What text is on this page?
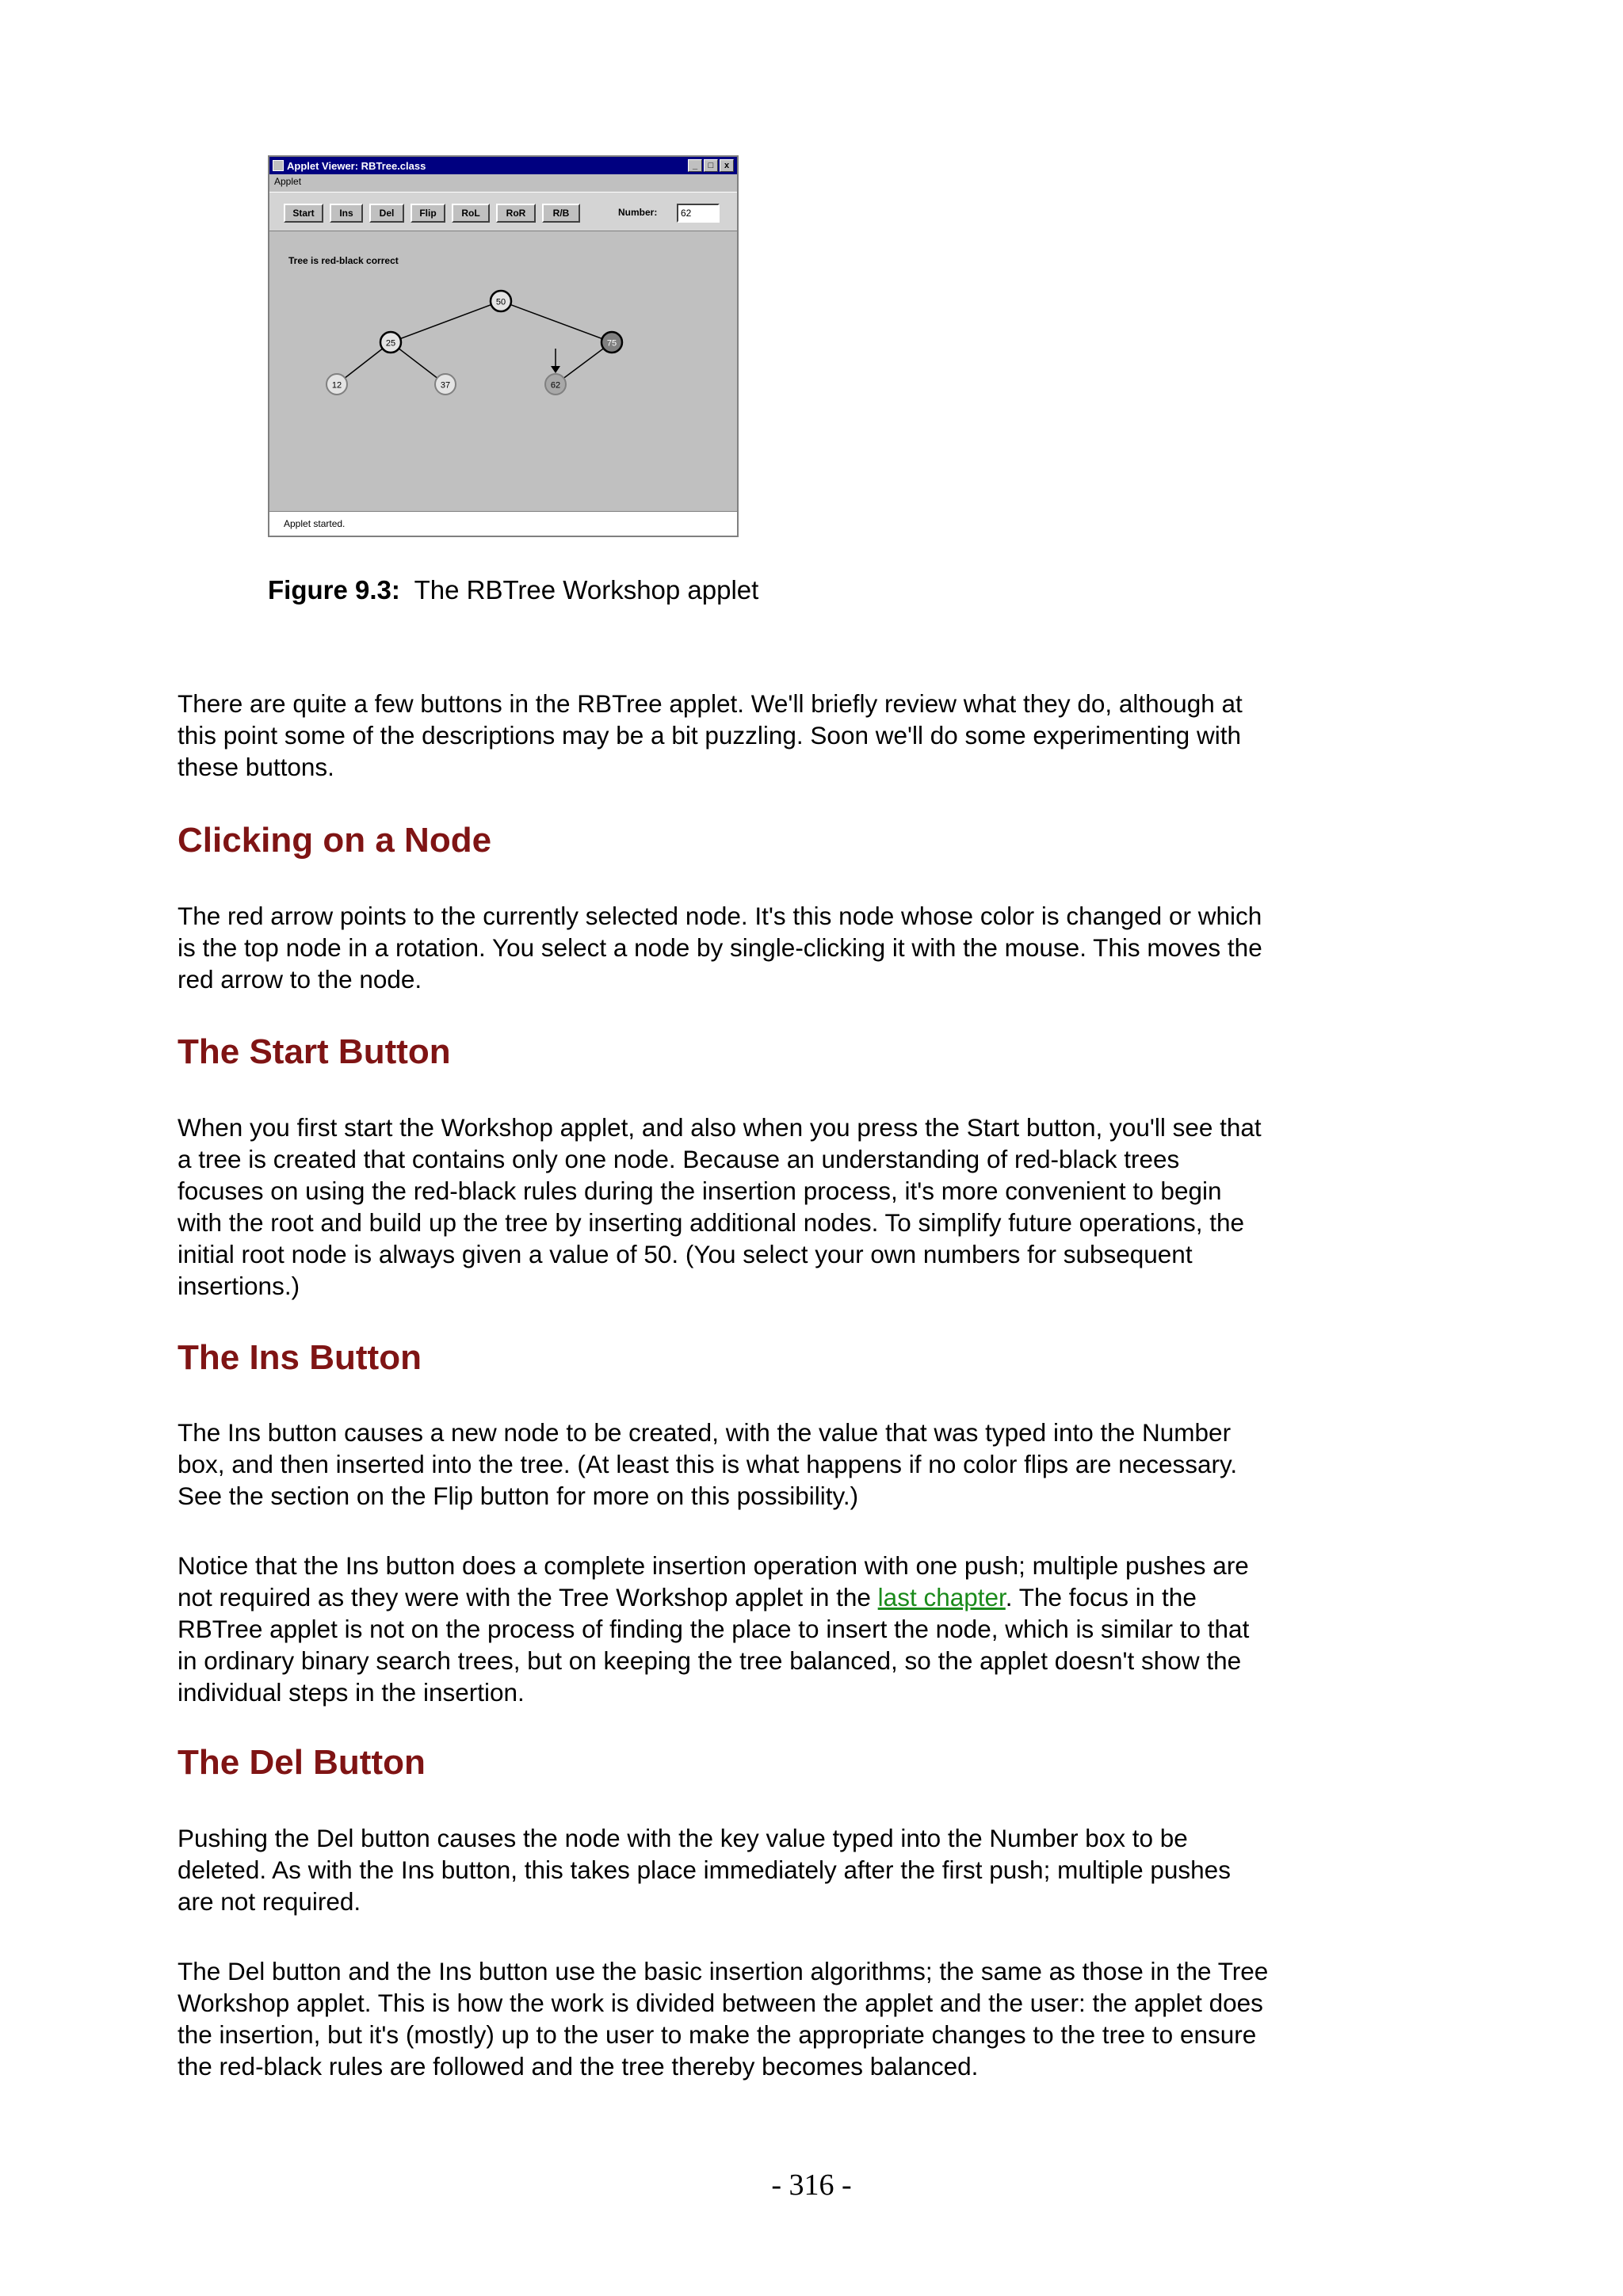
Applet Viewer: RBTree.class	_	□	x
Applet
Start	Ins	Del	Flip	RoL	RoR	R/B	Number:
62
Tree is red-black correct
50
25	75
12	37	62
Applet started.
Figure 9.3: The RBTree Workshop applet

There are quite a few buttons in the RBTree applet. We'll briefly review what they do, although at this point some of the descriptions may be a bit puzzling. Soon we'll do some experimenting with these buttons.

Clicking on a Node

The red arrow points to the currently selected node. It's this node whose color is changed or which is the top node in a rotation. You select a node by single-clicking it with the mouse. This moves the red arrow to the node.

The Start Button

When you first start the Workshop applet, and also when you press the Start button, you'll see that a tree is created that contains only one node. Because an understanding of red-black trees focuses on using the red-black rules during the insertion process, it's more convenient to begin with the root and build up the tree by inserting additional nodes. To simplify future operations, the initial root node is always given a value of 50. (You select your own numbers for subsequent insertions.)

The Ins Button

The Ins button causes a new node to be created, with the value that was typed into the Number box, and then inserted into the tree. (At least this is what happens if no color flips are necessary. See the section on the Flip button for more on this possibility.)

Notice that the Ins button does a complete insertion operation with one push; multiple pushes are not required as they were with the Tree Workshop applet in the last chapter. The focus in the RBTree applet is not on the process of finding the place to insert the node, which is similar to that in ordinary binary search trees, but on keeping the tree balanced, so the applet doesn't show the individual steps in the insertion.

The Del Button

Pushing the Del button causes the node with the key value typed into the Number box to be deleted. As with the Ins button, this takes place immediately after the first push; multiple pushes are not required.

The Del button and the Ins button use the basic insertion algorithms; the same as those in the Tree Workshop applet. This is how the work is divided between the applet and the user: the applet does the insertion, but it's (mostly) up to the user to make the appropriate changes to the tree to ensure the red-black rules are followed and the tree thereby becomes balanced.

- 316 -
